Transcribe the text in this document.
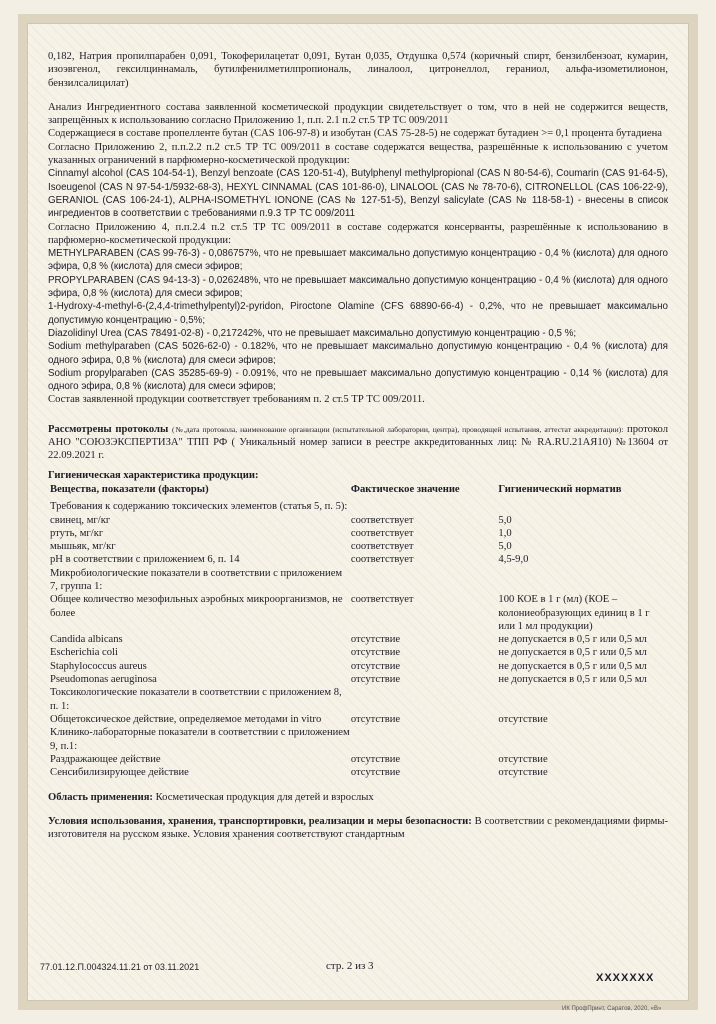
0,182, Натрия пропилпарабен 0,091, Токоферилацетат 0,091, Бутан 0,035, Отдушка 0,574 (коричный спирт, бензилбензоат, кумарин, изоэвгенол, гексилциннамаль, бутилфенилметилпропиональ, линалоол, цитронеллол, гераниол, альфа-изометилионон, бензилсалицилат)

Анализ Ингредиентного состава заявленной косметической продукции свидетельствует о том, что в ней не содержится веществ, запрещённых к использованию согласно Приложению 1, п.п. 2.1 п.2 ст.5 ТР ТС 009/2011

Содержащиеся в составе пропелленте бутан (CAS 106-97-8) и изобутан (CAS 75-28-5) не содержат бутадиен >= 0,1 процента бутадиена

Согласно Приложению 2, п.п.2.2 п.2 ст.5 ТР ТС 009/2011 в составе содержатся вещества, разрешённые к использованию с учетом указанных ограничений в парфюмерно-косметической продукции:

Cinnamyl alcohol (CAS 104-54-1), Benzyl benzoate (CAS 120-51-4), Butylphenyl methylpropional (CAS N 80-54-6), Coumarin (CAS 91-64-5), Isoeugenol (CAS N 97-54-1/5932-68-3), HEXYL CINNAMAL (CAS 101-86-0), LINALOOL (CAS № 78-70-6), CITRONELLOL (CAS 106-22-9), GERANIOL (CAS 106-24-1), ALPHA-ISOMETHYL IONONE (CAS № 127-51-5), Benzyl salicylate (CAS № 118-58-1) - внесены в список ингредиентов в соответствии с требованиями п.9.3 ТР ТС 009/2011

Согласно Приложению 4, п.п.2.4 п.2 ст.5 ТР ТС 009/2011 в составе содержатся консерванты, разрешённые к использованию в парфюмерно-косметической продукции:

METHYLPARABEN (CAS 99-76-3) - 0,086757%, что не превышает максимально допустимую концентрацию - 0,4 % (кислота) для одного эфира, 0,8 % (кислота) для смеси эфиров;

PROPYLPARABEN (CAS 94-13-3) - 0,026248%, что не превышает максимально допустимую концентрацию - 0,4 % (кислота) для одного эфира, 0,8 % (кислота) для смеси эфиров;

1-Hydroxy-4-methyl-6-(2,4,4-trimethylpentyl)2-pyridon, Piroctone Olamine (CFS 68890-66-4) - 0,2%, что не превышает максимально допустимую концентрацию - 0,5%;

Diazolidinyl Urea (CAS 78491-02-8) - 0,217242%, что не превышает максимально допустимую концентрацию - 0,5 %;

Sodium methylparaben (CAS 5026-62-0) - 0.182%, что не превышает максимально допустимую концентрацию - 0,4 % (кислота) для одного эфира, 0,8 % (кислота) для смеси эфиров;

Sodium propylparaben (CAS 35285-69-9) - 0.091%, что не превышает максимально допустимую концентрацию - 0,14 % (кислота) для одного эфира, 0,8 % (кислота) для смеси эфиров;

Состав заявленной продукции соответствует требованиям п. 2 ст.5 ТР ТС 009/2011.

Рассмотрены протоколы (№,дата протокола, наименование организации (испытательной лаборатории, центра), проводящей испытания, аттестат аккредитации): протокол АНО "СОЮЗЭКСПЕРТИЗА" ТПП РФ ( Уникальный номер записи в реестре аккредитованных лиц: № RA.RU.21АЯ10) №13604 от 22.09.2021 г.

Гигиеническая характеристика продукции:
Вещества, показатели (факторы)	Фактическое значение	Гигиенический норматив
Требования к содержанию токсических элементов (статья 5, п. 5):		
свинец, мг/кг	соответствует	5,0
ртуть, мг/кг	соответствует	1,0
мышьяк, мг/кг	соответствует	5,0
pH в соответствии с приложением 6, п. 14	соответствует	4,5-9,0
Микробиологические показатели в соответствии с приложением 7, группа 1:		
Общее количество мезофильных аэробных микроорганизмов, не более	соответствует	100 КОЕ в 1 г (мл) (КОЕ – колониеобразующих единиц в 1 г или 1 мл продукции)
Candida albicans	отсутствие	не допускается в 0,5 г или 0,5 мл
Escherichia coli	отсутствие	не допускается в 0,5 г или 0,5 мл
Staphylococcus aureus	отсутствие	не допускается в 0,5 г или 0,5 мл
Pseudomonas aeruginosa	отсутствие	не допускается в 0,5 г или 0,5 мл
Токсикологические показатели в соответствии с приложением 8, п. 1:		
Общетоксическое действие, определяемое методами in vitro	отсутствие	отсутствие
Клинико-лабораторные показатели в соответствии с приложением 9, п.1:		
Раздражающее действие	отсутствие	отсутствие
Сенсибилизирующее действие	отсутствие	отсутствие

Область применения: Косметическая продукция для детей и взрослых

Условия использования, хранения, транспортировки, реализации и меры безопасности: В соответствии с рекомендациями фирмы-изготовителя на русском языке. Условия хранения соответствуют стандартным

77.01.12.П.004324.11.21 от 03.11.2021	стр. 2 из 3
XXXXXXX
ИК ПрофПринт, Саратов, 2020, «В»
